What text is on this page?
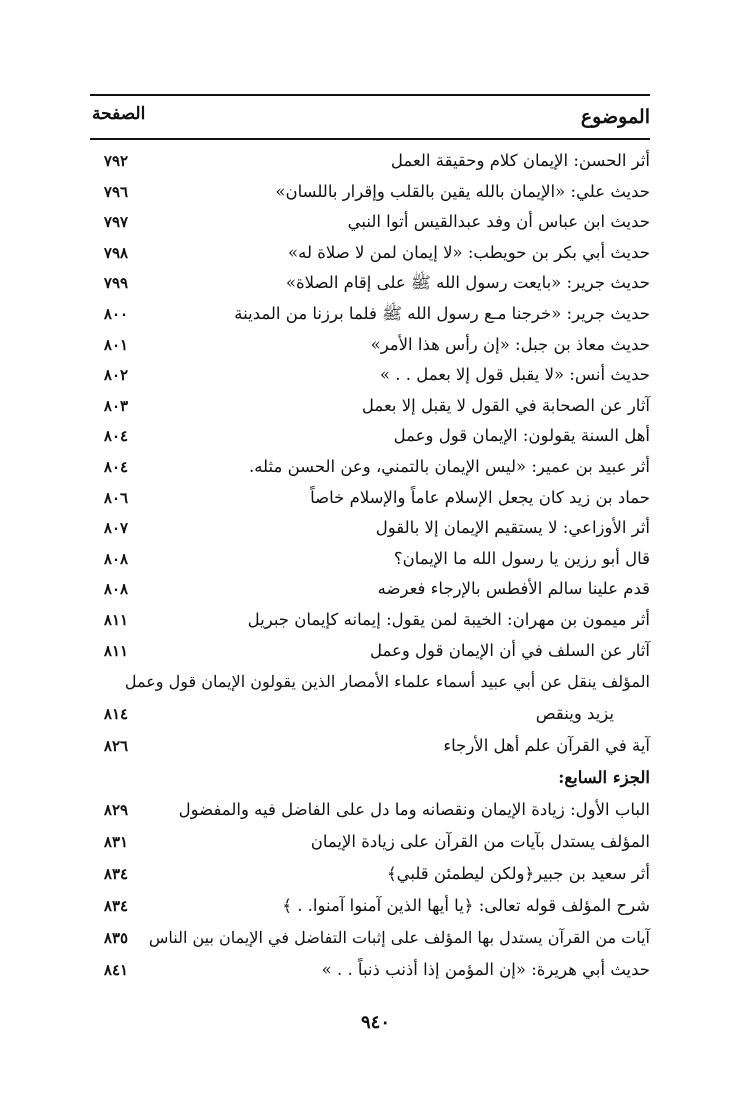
الموضوع
الصفحة
أثر الحسن: الإيمان كلام وحقيقة العمل
٧٩٢
حديث علي: «الإيمان بالله يقين بالقلب وإقرار باللسان»
٧٩٦
حديث ابن عباس أن وفد عبدالقيس أتوا النبي
٧٩٧
حديث أبي بكر بن حويطب: «لا إيمان لمن لا صلاة له»
٧٩٨
حديث جرير: «بايعت رسول الله ﷺ على إقام الصلاة»
٧٩٩
حديث جرير: «خرجنا مـع رسول الله ﷺ فلما برزنا من المدينة
٨٠٠
حديث معاذ بن جبل: «إن رأس هذا الأمر»
٨٠١
حديث أنس: «لا يقبل قول إلا بعمل . . »
٨٠٢
آثار عن الصحابة في القول لا يقبل إلا بعمل
٨٠٣
أهل السنة يقولون: الإيمان قول وعمل
٨٠٤
أثر عبيد بن عمير: «ليس الإيمان بالتمني، وعن الحسن مثله.
٨٠٤
حماد بن زيد كان يجعل الإسلام عاماً والإسلام خاصاً
٨٠٦
أثر الأوزاعي: لا يستقيم الإيمان إلا بالقول
٨٠٧
قال أبو رزين يا رسول الله ما الإيمان؟
٨٠٨
قدم علينا سالم الأفطس بالإرجاء فعرضه
٨٠٨
أثر ميمون بن مهران: الخيبة لمن يقول: إيمانه كإيمان جبريل
٨١١
آثار عن السلف في أن الإيمان قول وعمل
٨١١
المؤلف ينقل عن أبي عبيد أسماء علماء الأمصار الذين يقولون الإيمان قول وعمل
يزيد وينقص
٨١٤
آية في القرآن علم أهل الأرجاء
٨٢٦
الجزء السابع:
الباب الأول: زيادة الإيمان ونقصانه وما دل على الفاضل فيه والمفضول
٨٢٩
المؤلف يستدل بآيات من القرآن على زيادة الإيمان
٨٣١
أثر سعيد بن جبير﴿ولكن ليطمئن قلبي﴾
٨٣٤
شرح المؤلف قوله تعالى: ﴿يا أيها الذين آمنوا آمنوا. . ﴾
٨٣٤
آيات من القرآن يستدل بها المؤلف على إثبات التفاضل في الإيمان بين الناس
٨٣٥
حديث أبي هريرة: «إن المؤمن إذا أذنب ذنباً . . »
٨٤١
٩٤٠
